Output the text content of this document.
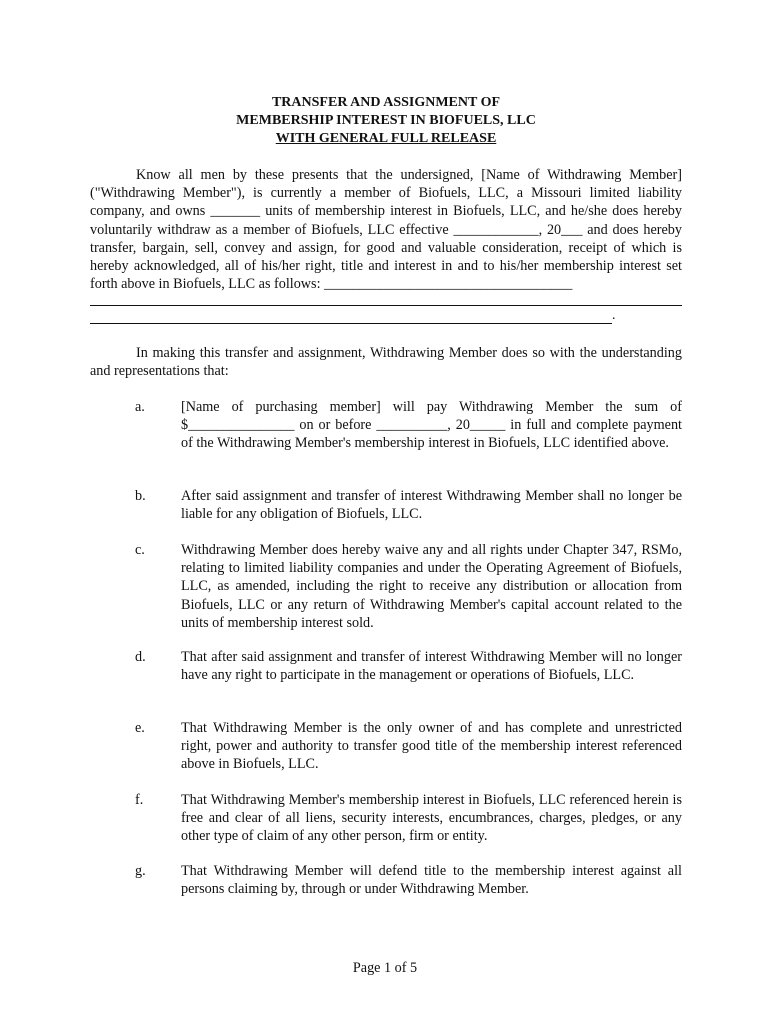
TRANSFER AND ASSIGNMENT OF
MEMBERSHIP INTEREST IN BIOFUELS, LLC
WITH GENERAL FULL RELEASE
Know all men by these presents that the undersigned, [Name of Withdrawing Member] ("Withdrawing Member"), is currently a member of Biofuels, LLC, a Missouri limited liability company, and owns _______ units of membership interest in Biofuels, LLC, and he/she does hereby voluntarily withdraw as a member of Biofuels, LLC effective ____________, 20___ and does hereby transfer, bargain, sell, convey and assign, for good and valuable consideration, receipt of which is hereby acknowledged, all of his/her right, title and interest in and to his/her membership interest set forth above in Biofuels, LLC as follows: ___________________________________
.
In making this transfer and assignment, Withdrawing Member does so with the understanding and representations that:
a.	[Name of purchasing member] will pay Withdrawing Member the sum of $_______________ on or before __________, 20_____ in full and complete payment of the Withdrawing Member's membership interest in Biofuels, LLC identified above.
b. After said assignment and transfer of interest Withdrawing Member shall no longer be liable for any obligation of Biofuels, LLC.
c.	Withdrawing Member does hereby waive any and all rights under Chapter 347, RSMo, relating to limited liability companies and under the Operating Agreement of Biofuels, LLC, as amended, including the right to receive any distribution or allocation from Biofuels, LLC or any return of Withdrawing Member's capital account related to the units of membership interest sold.
d. That after said assignment and transfer of interest Withdrawing Member will no longer have any right to participate in the management or operations of Biofuels, LLC.
e.	That Withdrawing Member is the only owner of and has complete and unrestricted right, power and authority to transfer good title of the membership interest referenced above in Biofuels, LLC.
f.	That Withdrawing Member's membership interest in Biofuels, LLC referenced herein is free and clear of all liens, security interests, encumbrances, charges, pledges, or any other type of claim of any other person, firm or entity.
g. That Withdrawing Member will defend title to the membership interest against all persons claiming by, through or under Withdrawing Member.
Page 1 of 5
